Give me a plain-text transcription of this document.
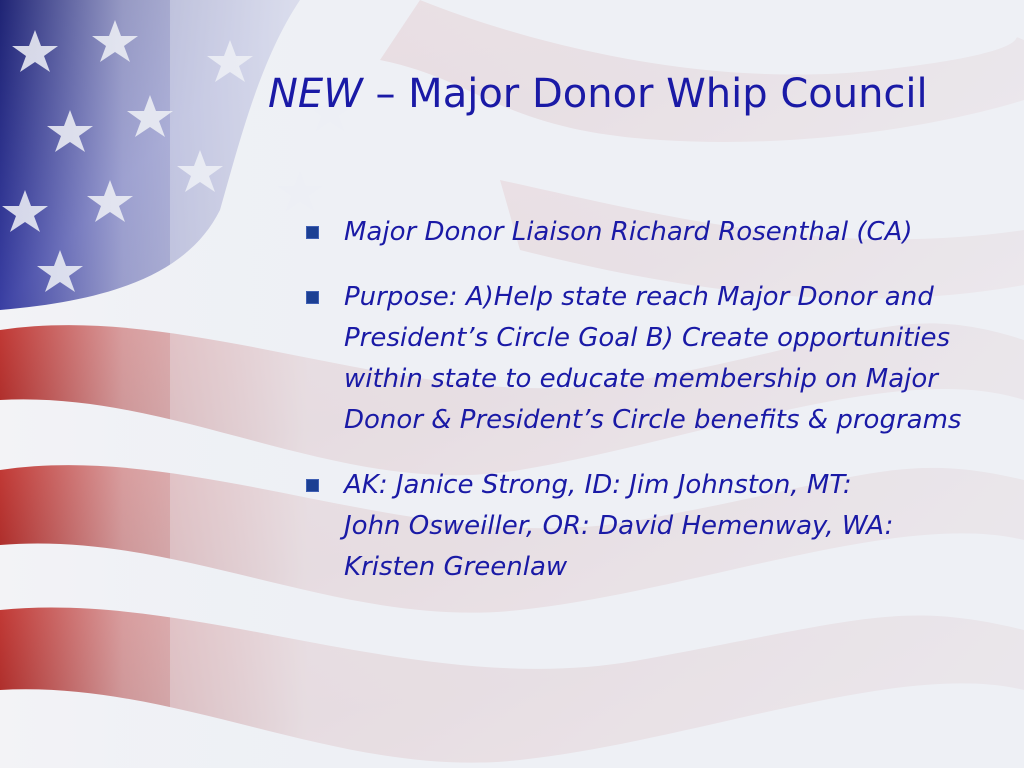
NEW – Major Donor Whip Council
Major Donor Liaison Richard Rosenthal (CA)
Purpose: A)Help state reach Major Donor and President’s Circle Goal B) Create opportunities within state to educate membership on Major Donor & President’s Circle benefits & programs
AK: Janice Strong, ID: Jim Johnston, MT: John Osweiller, OR: David Hemenway, WA: Kristen Greenlaw
